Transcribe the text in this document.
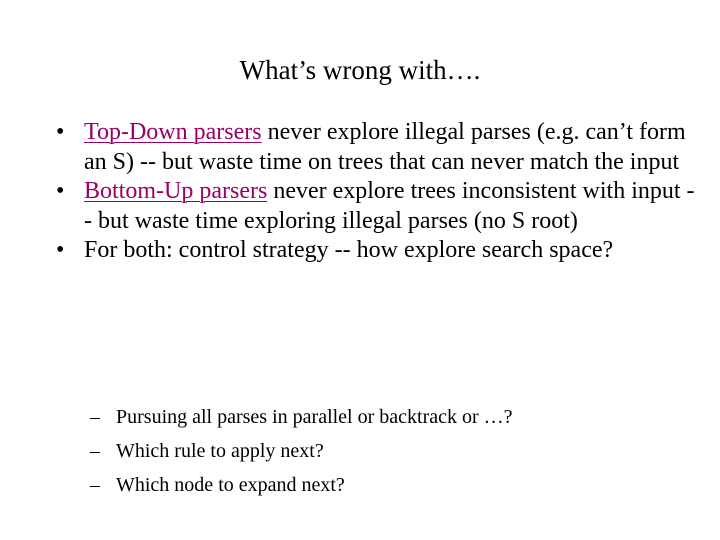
What’s wrong with….
• Top-Down parsers never explore illegal parses (e.g. can’t form an S) -- but waste time on trees that can never match the input
• Bottom-Up parsers never explore trees inconsistent with input -- but waste time exploring illegal parses (no S root)
• For both: control strategy -- how explore search space?
– Pursuing all parses in parallel or backtrack or …?
– Which rule to apply next?
– Which node to expand next?
